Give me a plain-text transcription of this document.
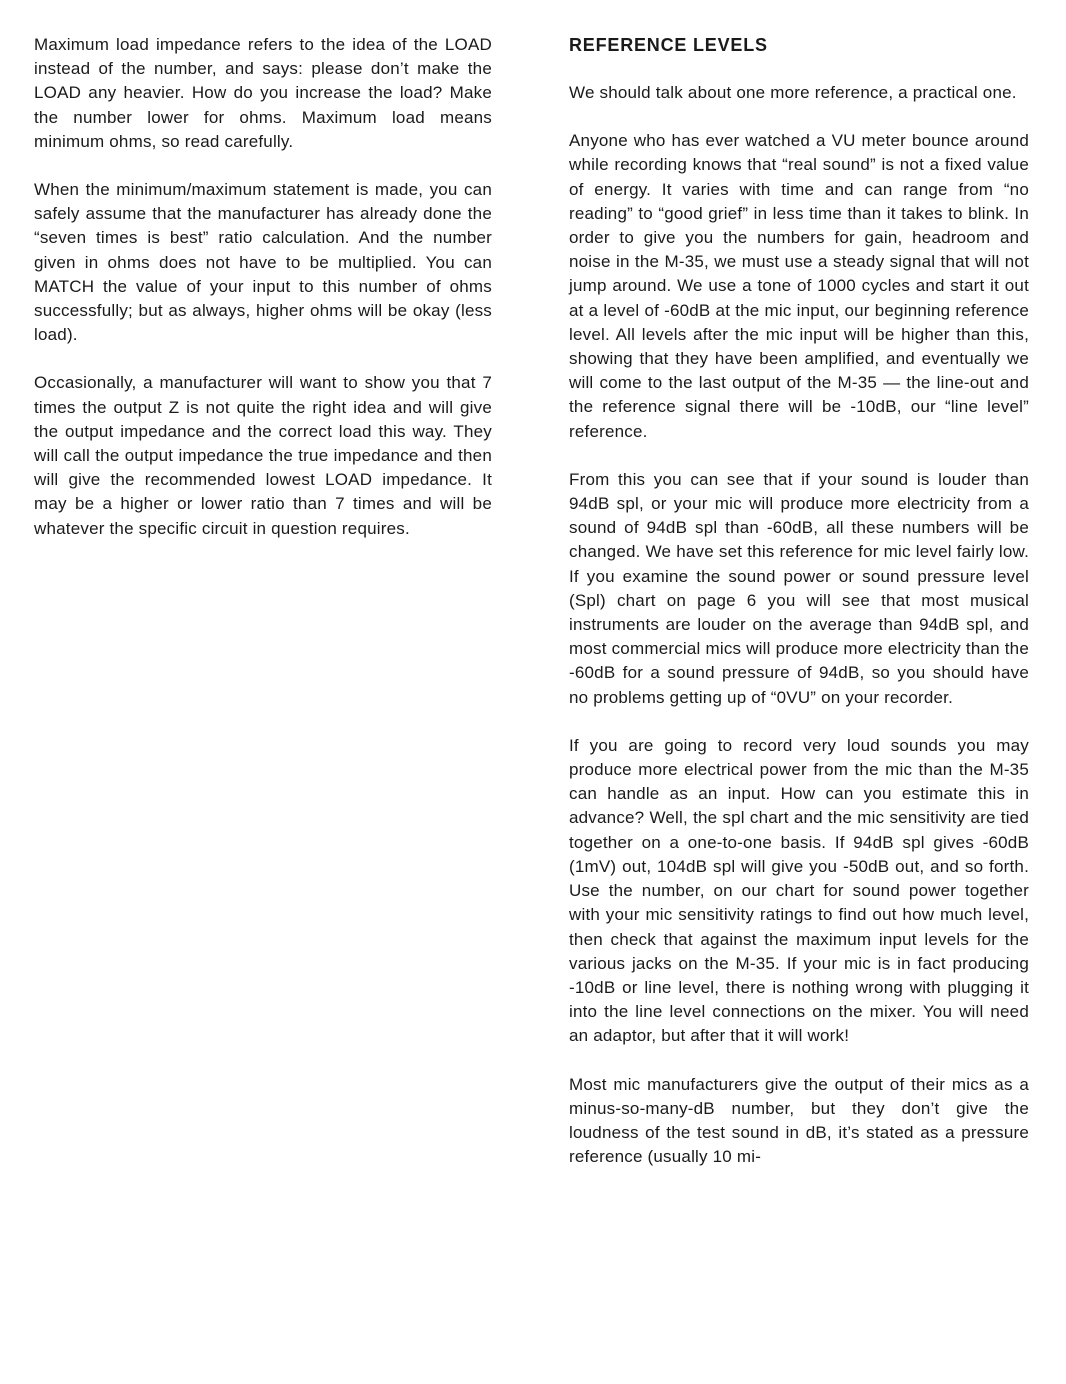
Maximum load impedance refers to the idea of the LOAD instead of the number, and says: please don’t make the LOAD any heavier. How do you increase the load? Make the number lower for ohms. Maximum load means minimum ohms, so read carefully.

When the minimum/maximum statement is made, you can safely assume that the manufacturer has already done the “seven times is best” ratio calculation. And the number given in ohms does not have to be multiplied. You can MATCH the value of your input to this number of ohms successfully; but as always, higher ohms will be okay (less load).

Occasionally, a manufacturer will want to show you that 7 times the output Z is not quite the right idea and will give the output impedance and the correct load this way. They will call the output impedance the true impedance and then will give the recommended lowest LOAD impedance. It may be a higher or lower ratio than 7 times and will be whatever the specific circuit in question requires.

REFERENCE LEVELS

We should talk about one more reference, a practical one.

Anyone who has ever watched a VU meter bounce around while recording knows that “real sound” is not a fixed value of energy. It varies with time and can range from “no reading” to “good grief” in less time than it takes to blink. In order to give you the numbers for gain, headroom and noise in the M-35, we must use a steady signal that will not jump around. We use a tone of 1000 cycles and start it out at a level of -60dB at the mic input, our beginning reference level. All levels after the mic input will be higher than this, showing that they have been amplified, and eventually we will come to the last output of the M-35 — the line-out and the reference signal there will be -10dB, our “line level” reference.

From this you can see that if your sound is louder than 94dB spl, or your mic will produce more electricity from a sound of 94dB spl than -60dB, all these numbers will be changed. We have set this reference for mic level fairly low. If you examine the sound power or sound pressure level (Spl) chart on page 6 you will see that most musical instruments are louder on the average than 94dB spl, and most commercial mics will produce more electricity than the -60dB for a sound pressure of 94dB, so you should have no problems getting up of “0VU” on your recorder.

If you are going to record very loud sounds you may produce more electrical power from the mic than the M-35 can handle as an input. How can you estimate this in advance? Well, the spl chart and the mic sensitivity are tied together on a one-to-one basis. If 94dB spl gives -60dB (1mV) out, 104dB spl will give you -50dB out, and so forth. Use the number, on our chart for sound power together with your mic sensitivity ratings to find out how much level, then check that against the maximum input levels for the various jacks on the M-35. If your mic is in fact producing -10dB or line level, there is nothing wrong with plugging it into the line level connections on the mixer. You will need an adaptor, but after that it will work!

Most mic manufacturers give the output of their mics as a minus-so-many-dB number, but they don’t give the loudness of the test sound in dB, it’s stated as a pressure reference (usually 10 mi-
